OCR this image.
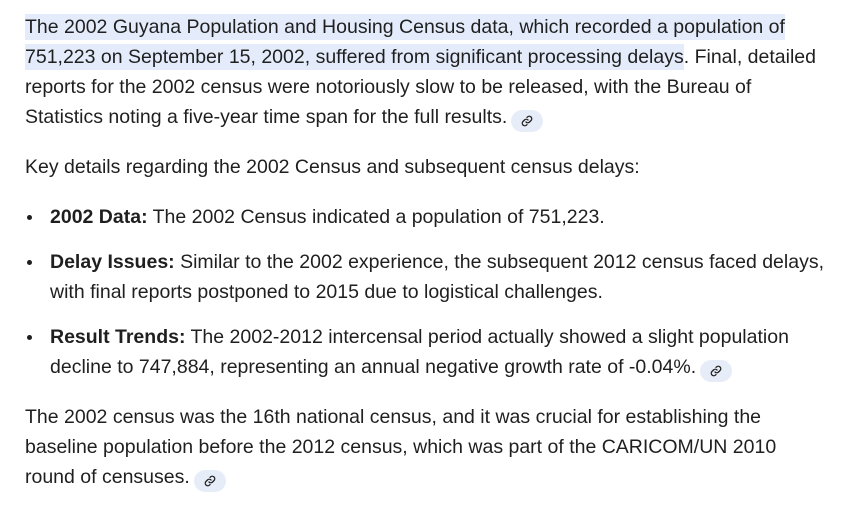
The 2002 Guyana Population and Housing Census data, which recorded a population of 751,223 on September 15, 2002, suffered from significant processing delays. Final, detailed reports for the 2002 census were notoriously slow to be released, with the Bureau of Statistics noting a five-year time span for the full results.

Key details regarding the 2002 Census and subsequent census delays:

2002 Data: The 2002 Census indicated a population of 751,223.
Delay Issues: Similar to the 2002 experience, the subsequent 2012 census faced delays, with final reports postponed to 2015 due to logistical challenges.
Result Trends: The 2002-2012 intercensal period actually showed a slight population decline to 747,884, representing an annual negative growth rate of -0.04%.

The 2002 census was the 16th national census, and it was crucial for establishing the baseline population before the 2012 census, which was part of the CARICOM/UN 2010 round of censuses.
